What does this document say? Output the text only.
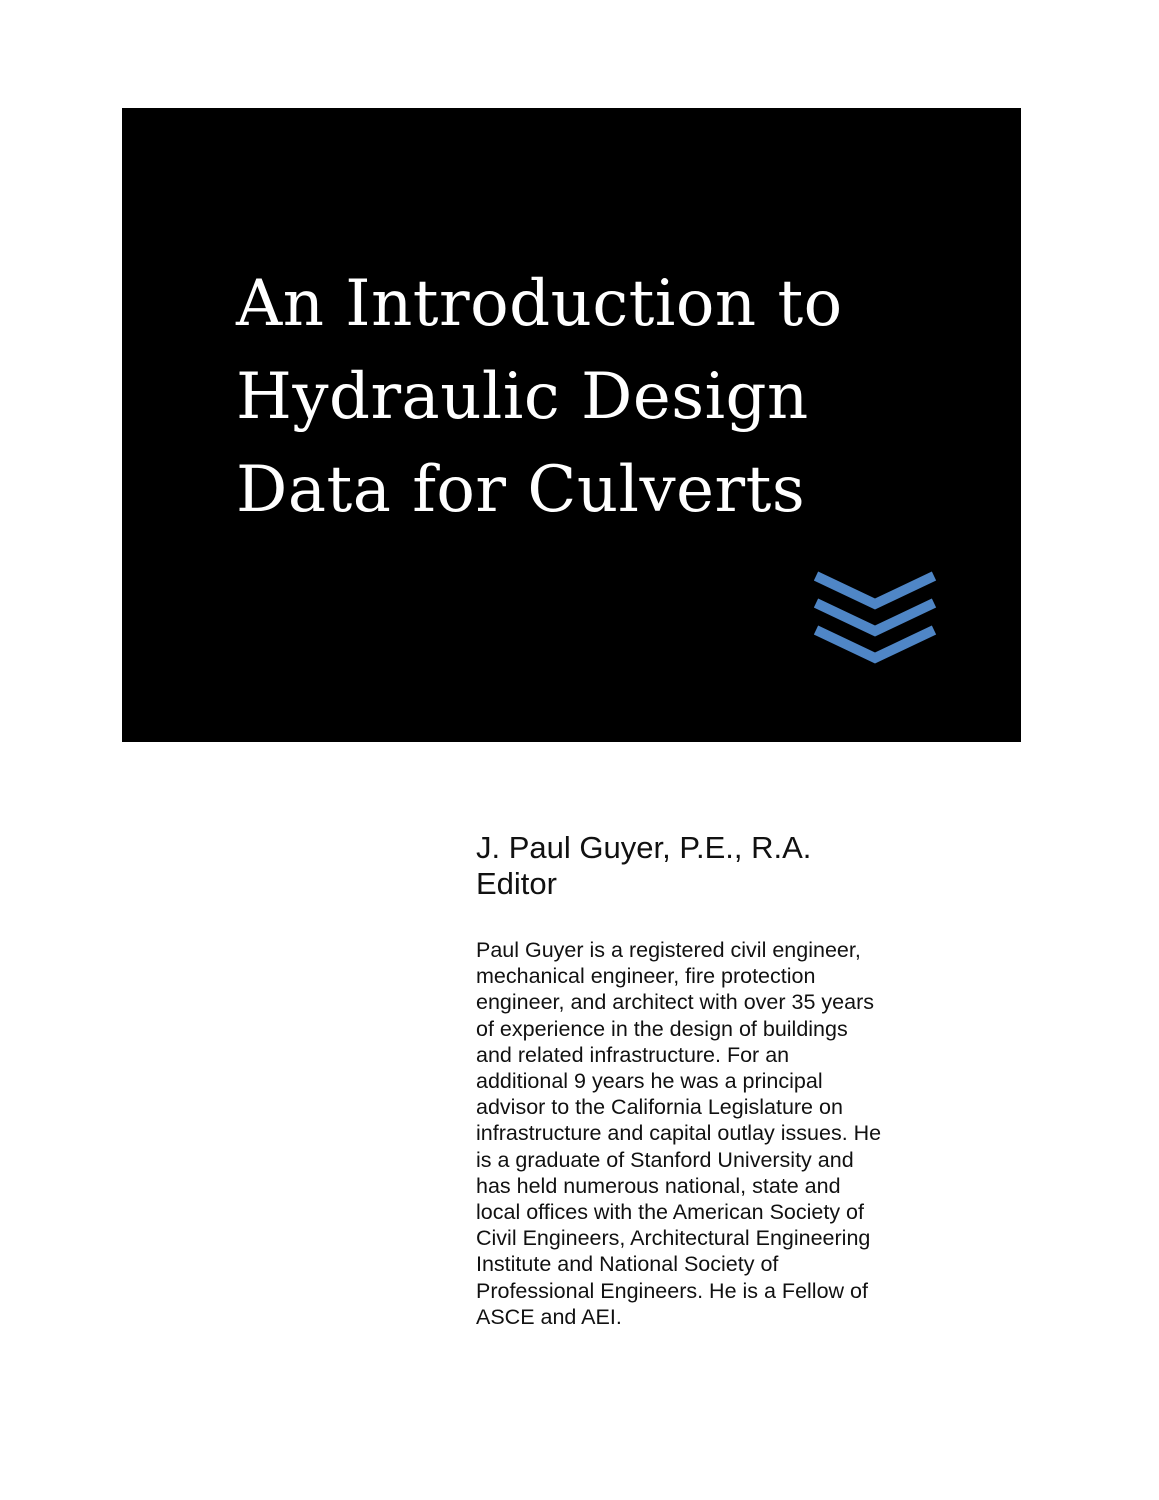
An Introduction to
Hydraulic Design
Data for Culverts
J. Paul Guyer, P.E., R.A.
Editor
Paul Guyer is a registered civil engineer,
mechanical engineer, fire protection
engineer, and architect with over 35 years
of experience in the design of buildings
and related infrastructure. For an
additional 9 years he was a principal
advisor to the California Legislature on
infrastructure and capital outlay issues. He
is a graduate of Stanford University and
has held numerous national, state and
local offices with the American Society of
Civil Engineers, Architectural Engineering
Institute and National Society of
Professional Engineers. He is a Fellow of
ASCE and AEI.
